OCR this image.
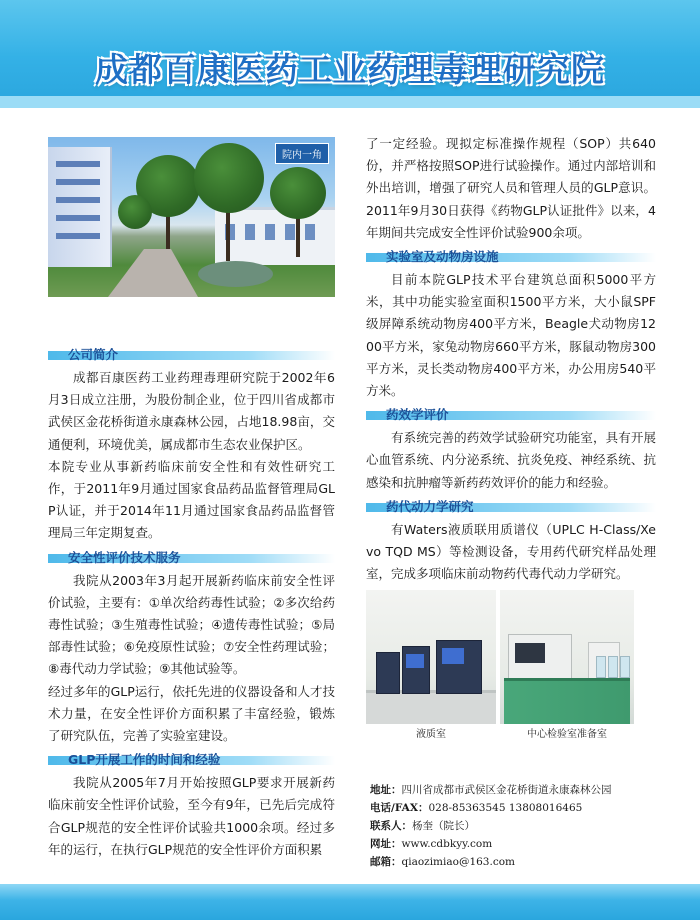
成都百康医药工业药理毒理研究院
院内一角
公司简介

成都百康医药工业药理毒理研究院于2002年6月3日成立注册，为股份制企业，位于四川省成都市武侯区金花桥街道永康森林公园，占地18.98亩，交通便利，环境优美，属成都市生态农业保护区。

本院专业从事新药临床前安全性和有效性研究工作，于2011年9月通过国家食品药品监督管理局GLP认证，并于2014年11月通过国家食品药品监督管理局三年定期复查。

安全性评价技术服务

我院从2003年3月起开展新药临床前安全性评价试验，主要有：①单次给药毒性试验；②多次给药毒性试验；③生殖毒性试验；④遗传毒性试验；⑤局部毒性试验；⑥免疫原性试验；⑦安全性药理试验；⑧毒代动力学试验；⑨其他试验等。

经过多年的GLP运行，依托先进的仪器设备和人才技术力量，在安全性评价方面积累了丰富经验，锻炼了研究队伍，完善了实验室建设。

GLP开展工作的时间和经验

我院从2005年7月开始按照GLP要求开展新药临床前安全性评价试验，至今有9年，已先后完成符合GLP规范的安全性评价试验共1000余项。经过多年的运行，在执行GLP规范的安全性评价方面积累

了一定经验。现拟定标准操作规程（SOP）共640份，并严格按照SOP进行试验操作。通过内部培训和外出培训，增强了研究人员和管理人员的GLP意识。2011年9月30日获得《药物GLP认证批件》以来，4年期间共完成安全性评价试验900余项。

实验室及动物房设施

目前本院GLP技术平台建筑总面积5000平方米，其中功能实验室面积1500平方米，大小鼠SPF级屏障系统动物房400平方米，Beagle犬动物房1200平方米，家兔动物房660平方米，豚鼠动物房300平方米，灵长类动物房400平方米，办公用房540平方米。

药效学评价

有系统完善的药效学试验研究功能室，具有开展心血管系统、内分泌系统、抗炎免疫、神经系统、抗感染和抗肿瘤等新药药效评价的能力和经验。

药代动力学研究

有Waters液质联用质谱仪（UPLC H-Class/Xevo TQD MS）等检测设备，专用药代研究样品处理室，完成多项临床前动物药代毒代动力学研究。

液质室	中心检验室准备室
地址：四川省成都市武侯区金花桥街道永康森林公园
电话/FAX：028-85363545 13808016465
联系人：杨奎（院长）
网址：www.cdbkyy.com
邮箱：qiaozimiao@163.com
